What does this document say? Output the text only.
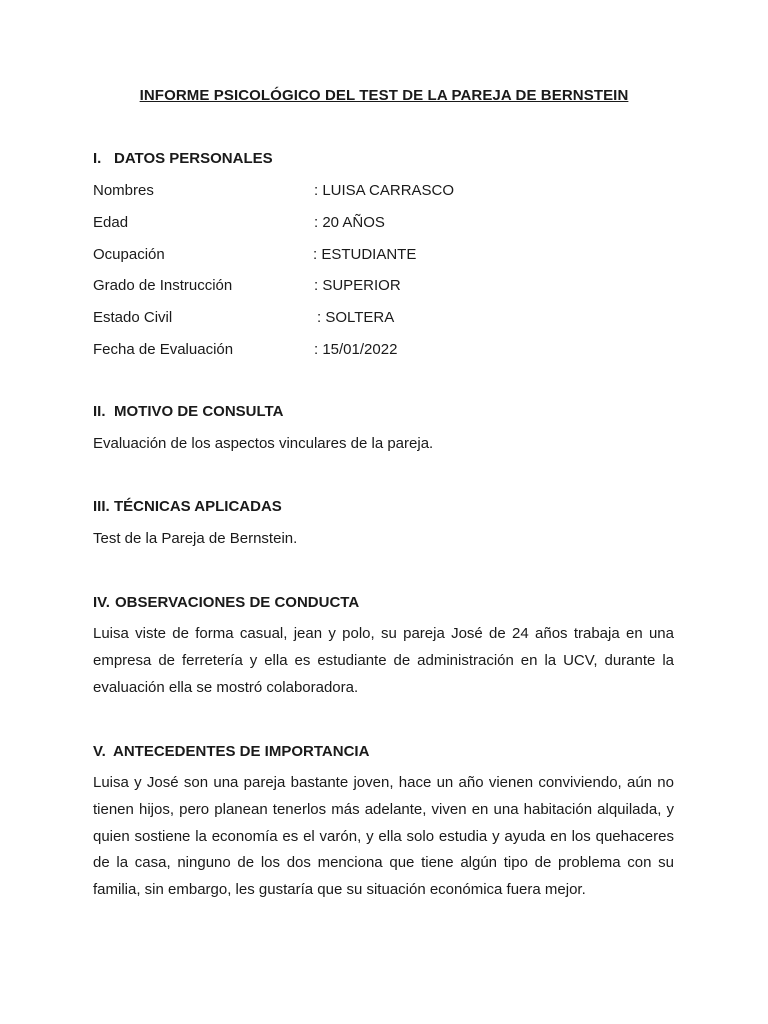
INFORME PSICOLÓGICO DEL TEST DE LA PAREJA DE BERNSTEIN
I. DATOS PERSONALES
Nombres	: LUISA CARRASCO
Edad	: 20 AÑOS
Ocupación	: ESTUDIANTE
Grado de Instrucción	: SUPERIOR
Estado Civil	: SOLTERA
Fecha de Evaluación	: 15/01/2022
II. MOTIVO DE CONSULTA

Evaluación de los aspectos vinculares de la pareja.

III. TÉCNICAS APLICADAS

Test de la Pareja de Bernstein.

IV. OBSERVACIONES DE CONDUCTA

Luisa viste de forma casual, jean y polo, su pareja José de 24 años trabaja en una empresa de ferretería y ella es estudiante de administración en la UCV, durante la evaluación ella se mostró colaboradora.

V. ANTECEDENTES DE IMPORTANCIA

Luisa y José son una pareja bastante joven, hace un año vienen conviviendo, aún no tienen hijos, pero planean tenerlos más adelante, viven en una habitación alquilada, y quien sostiene la economía es el varón, y ella solo estudia y ayuda en los quehaceres de la casa, ninguno de los dos menciona que tiene algún tipo de problema con su familia, sin embargo, les gustaría que su situación económica fuera mejor.
